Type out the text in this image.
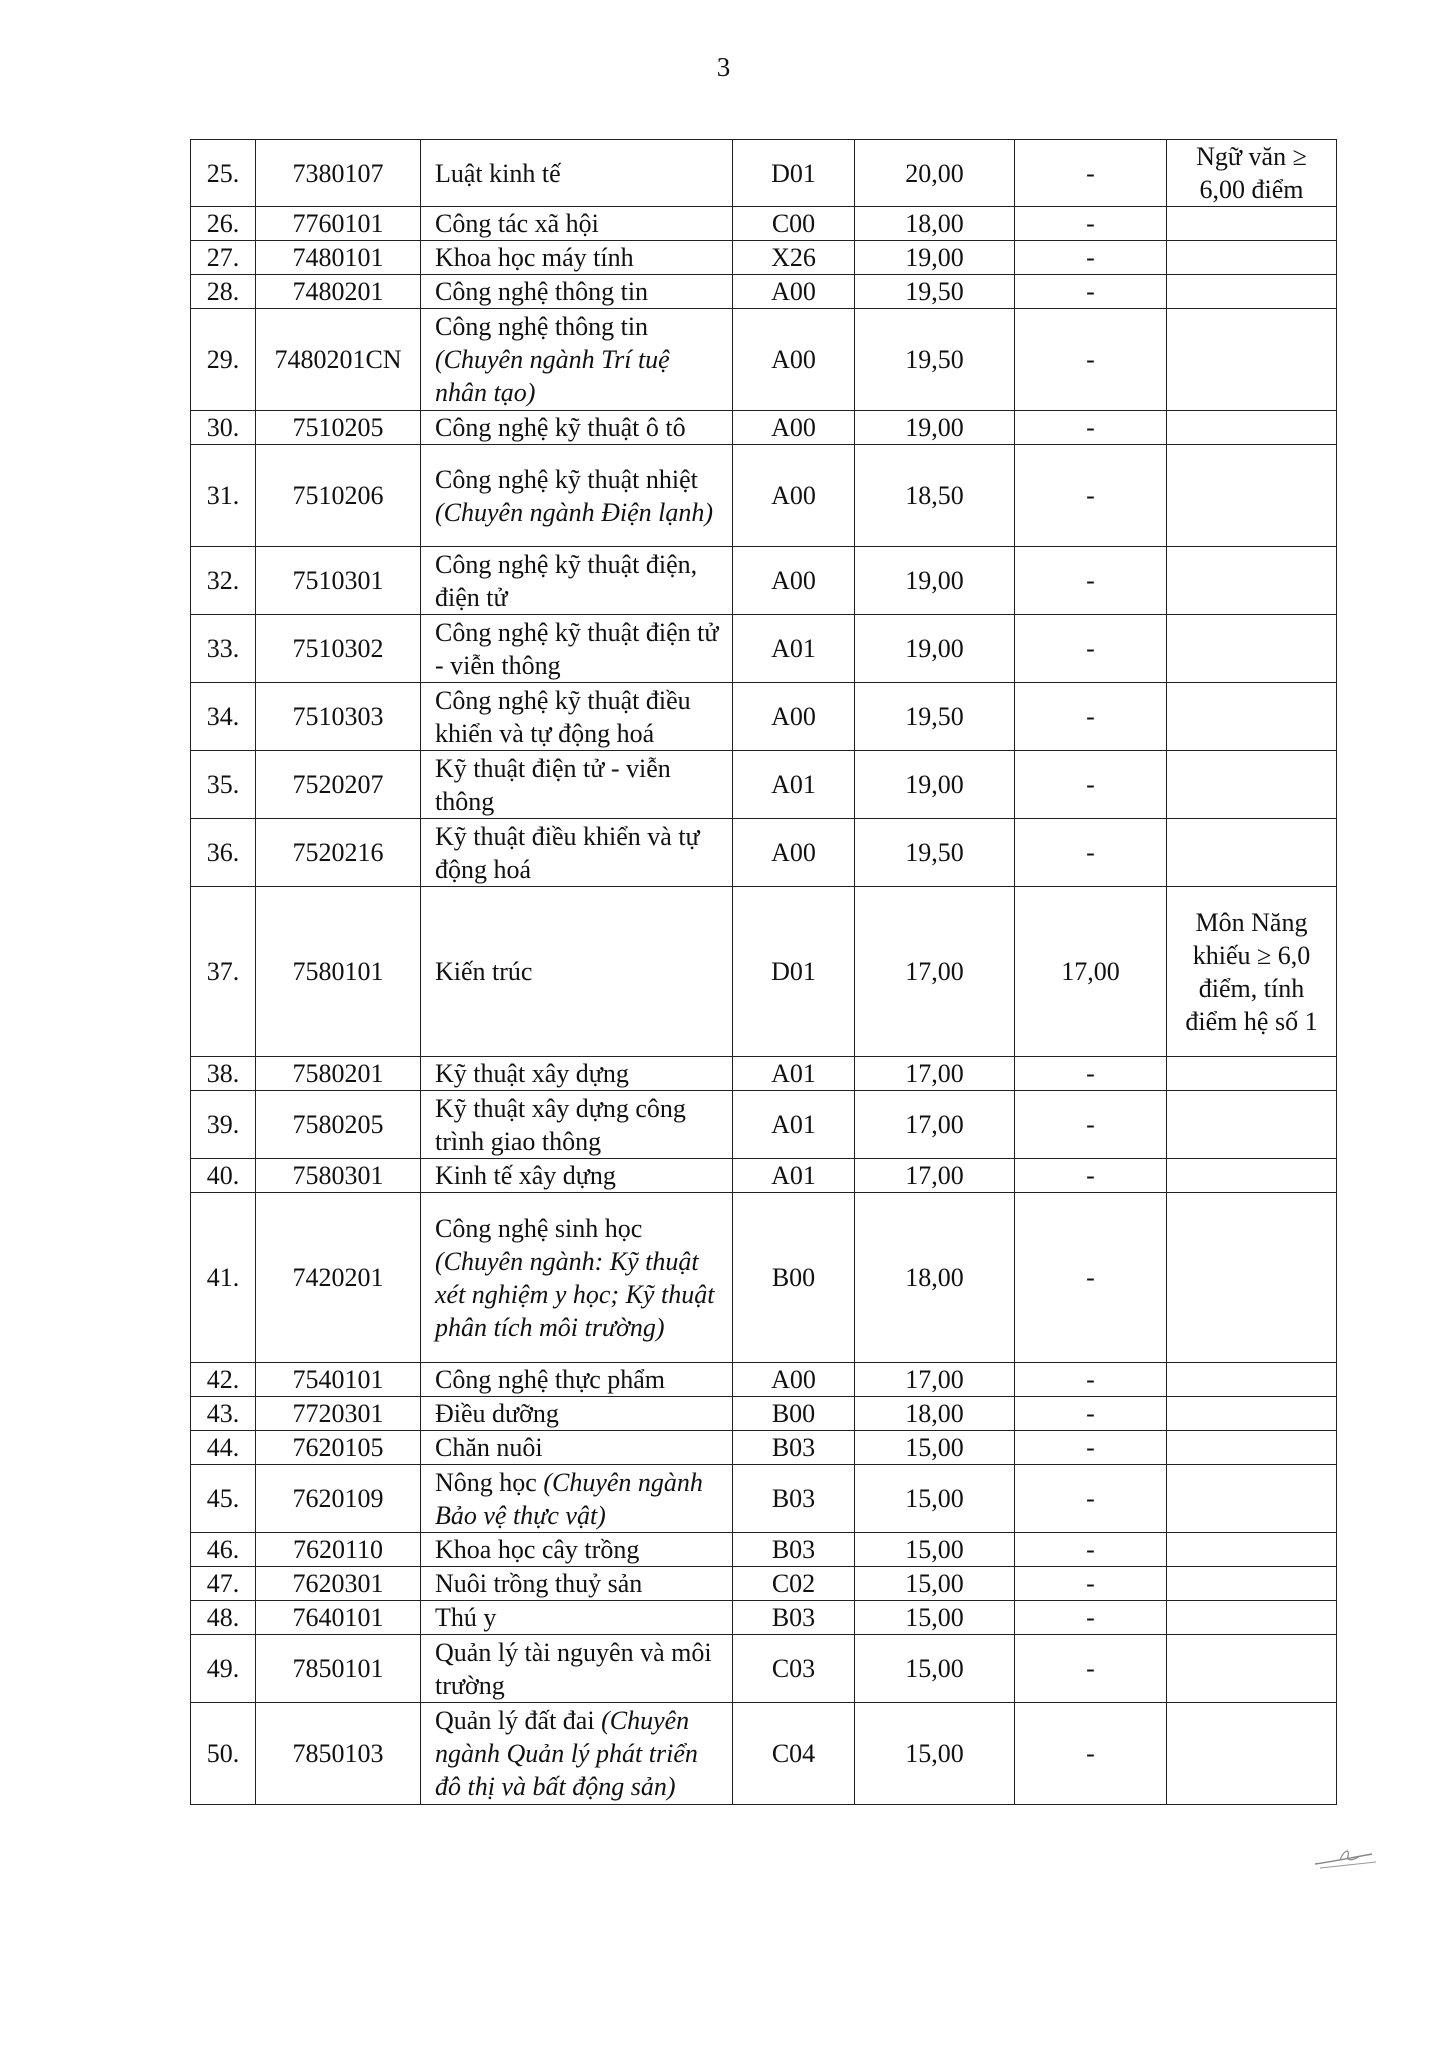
3
25.	7380107	Luật kinh tế	D01	20,00	-	Ngữ văn ≥ 6,00 điểm
26.	7760101	Công tác xã hội	C00	18,00	-	
27.	7480101	Khoa học máy tính	X26	19,00	-	
28.	7480201	Công nghệ thông tin	A00	19,50	-	
29.	7480201CN	Công nghệ thông tin (Chuyên ngành Trí tuệ nhân tạo)	A00	19,50	-	
30.	7510205	Công nghệ kỹ thuật ô tô	A00	19,00	-	
31.	7510206	Công nghệ kỹ thuật nhiệt (Chuyên ngành Điện lạnh)	A00	18,50	-	
32.	7510301	Công nghệ kỹ thuật điện, điện tử	A00	19,00	-	
33.	7510302	Công nghệ kỹ thuật điện tử - viễn thông	A01	19,00	-	
34.	7510303	Công nghệ kỹ thuật điều khiển và tự động hoá	A00	19,50	-	
35.	7520207	Kỹ thuật điện tử - viễn thông	A01	19,00	-	
36.	7520216	Kỹ thuật điều khiển và tự động hoá	A00	19,50	-	
37.	7580101	Kiến trúc	D01	17,00	17,00	Môn Năng khiếu ≥ 6,0 điểm, tính điểm hệ số 1
38.	7580201	Kỹ thuật xây dựng	A01	17,00	-	
39.	7580205	Kỹ thuật xây dựng công trình giao thông	A01	17,00	-	
40.	7580301	Kinh tế xây dựng	A01	17,00	-	
41.	7420201	Công nghệ sinh học (Chuyên ngành: Kỹ thuật xét nghiệm y học; Kỹ thuật phân tích môi trường)	B00	18,00	-	
42.	7540101	Công nghệ thực phẩm	A00	17,00	-	
43.	7720301	Điều dưỡng	B00	18,00	-	
44.	7620105	Chăn nuôi	B03	15,00	-	
45.	7620109	Nông học (Chuyên ngành Bảo vệ thực vật)	B03	15,00	-	
46.	7620110	Khoa học cây trồng	B03	15,00	-	
47.	7620301	Nuôi trồng thuỷ sản	C02	15,00	-	
48.	7640101	Thú y	B03	15,00	-	
49.	7850101	Quản lý tài nguyên và môi trường	C03	15,00	-	
50.	7850103	Quản lý đất đai (Chuyên ngành Quản lý phát triển đô thị và bất động sản)	C04	15,00	-	
